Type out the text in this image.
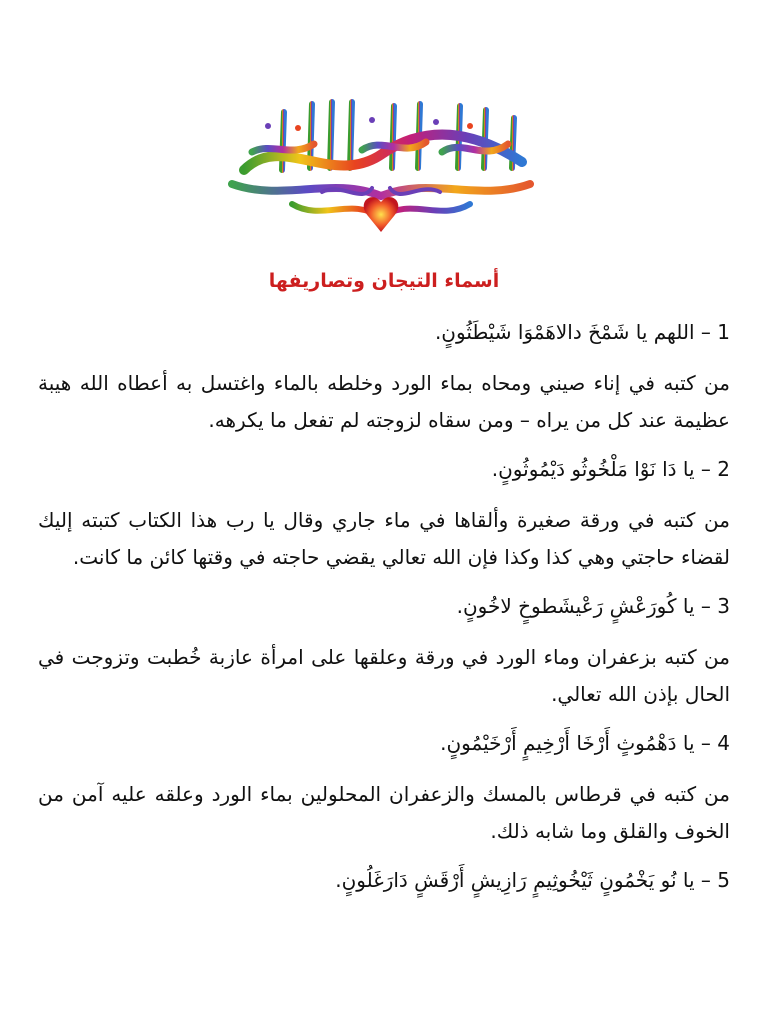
أسماء التيجان وتصاريفها

1 – اللهم يا شَمْخَ دالاهَمْوَا شَيْطَثُونٍ.

من كتبه في إناء صيني ومحاه بماء الورد وخلطه بالماء واغتسل به أعطاه الله هيبة عظيمة عند كل من يراه – ومن سقاه لزوجته لم تفعل ما يكرهه.

2 – يا دَا نَوْا مَلْخُوثُو دَيْمُوثُونٍ.

من كتبه في ورقة صغيرة وألقاها في ماء جاري وقال يا رب هذا الكتاب كتبته إليك لقضاء حاجتي وهي كذا وكذا فإن الله تعالي يقضي حاجته في وقتها كائن ما كانت.

3 – يا كُورَعْشٍ رَعْيشَطوخٍ لاخُونٍ.

من كتبه بزعفران وماء الورد في ورقة وعلقها على امرأة عازبة خُطبت وتزوجت في الحال بإذن الله تعالي.

4 – يا دَهْمُوثٍ أَرْخَا أَرْخِيمٍ أَرْخَيْمُونٍ.

من كتبه في قرطاس بالمسك والزعفران المحلولين بماء الورد وعلقه عليه آمن من الخوف والقلق وما شابه ذلك.

5 – يا نُو يَخْمُونٍ ثَيْخُوثِيمٍ رَازِيشٍ أَرْقَشٍ دَارَغَلُونٍ.
